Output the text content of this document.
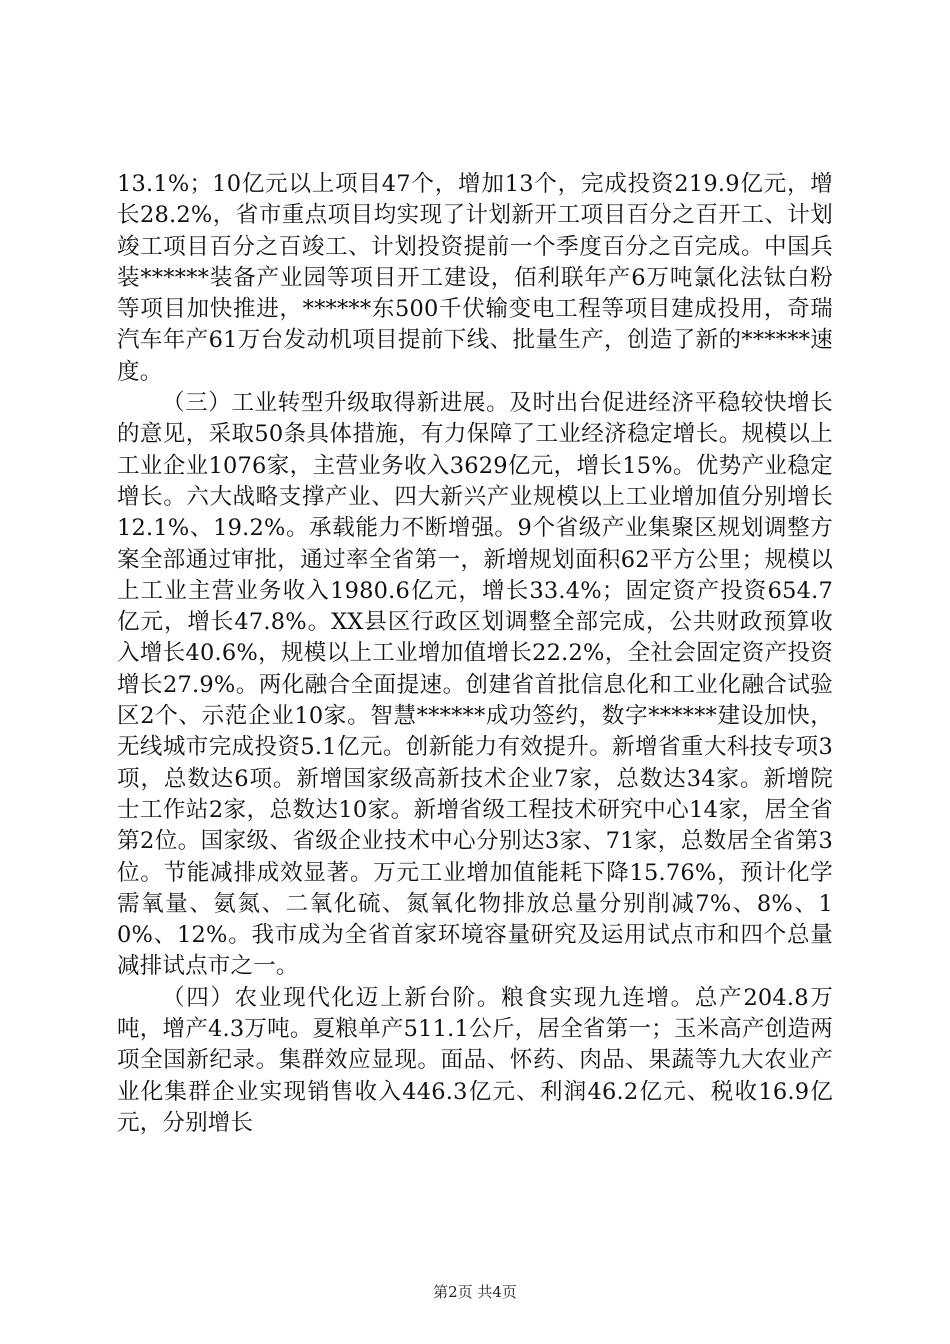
13.1%；10亿元以上项目47个，增加13个，完成投资219.9亿元，增长28.2%，省市重点项目均实现了计划新开工项目百分之百开工、计划竣工项目百分之百竣工、计划投资提前一个季度百分之百完成。中国兵装******装备产业园等项目开工建设，佰利联年产6万吨氯化法钛白粉等项目加快推进，******东500千伏输变电工程等项目建成投用，奇瑞汽车年产61万台发动机项目提前下线、批量生产，创造了新的******速度。

（三）工业转型升级取得新进展。及时出台促进经济平稳较快增长的意见，采取50条具体措施，有力保障了工业经济稳定增长。规模以上工业企业1076家，主营业务收入3629亿元，增长15%。优势产业稳定增长。六大战略支撑产业、四大新兴产业规模以上工业增加值分别增长12.1%、19.2%。承载能力不断增强。9个省级产业集聚区规划调整方案全部通过审批，通过率全省第一，新增规划面积62平方公里；规模以上工业主营业务收入1980.6亿元，增长33.4%；固定资产投资654.7亿元，增长47.8%。XX县区行政区划调整全部完成，公共财政预算收入增长40.6%，规模以上工业增加值增长22.2%，全社会固定资产投资增长27.9%。两化融合全面提速。创建省首批信息化和工业化融合试验区2个、示范企业10家。智慧******成功签约，数字******建设加快，无线城市完成投资5.1亿元。创新能力有效提升。新增省重大科技专项3项，总数达6项。新增国家级高新技术企业7家，总数达34家。新增院士工作站2家，总数达10家。新增省级工程技术研究中心14家，居全省第2位。国家级、省级企业技术中心分别达3家、71家，总数居全省第3位。节能减排成效显著。万元工业增加值能耗下降15.76%，预计化学需氧量、氨氮、二氧化硫、氮氧化物排放总量分别削减7%、8%、10%、12%。我市成为全省首家环境容量研究及运用试点市和四个总量减排试点市之一。

（四）农业现代化迈上新台阶。粮食实现九连增。总产204.8万吨，增产4.3万吨。夏粮单产511.1公斤，居全省第一；玉米高产创造两项全国新纪录。集群效应显现。面品、怀药、肉品、果蔬等九大农业产业化集群企业实现销售收入446.3亿元、利润46.2亿元、税收16.9亿元，分别增长

第2页 共4页
